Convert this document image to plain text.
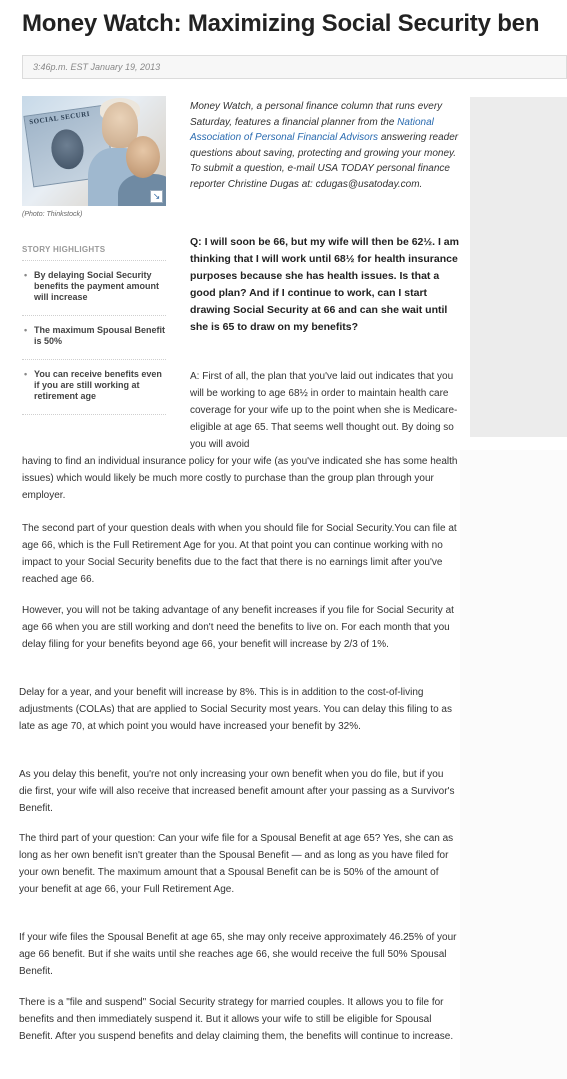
Money Watch: Maximizing Social Security ben
3:46p.m. EST January 19, 2013
SOCIAL SECURI
↘
(Photo: Thinkstock)
STORY HIGHLIGHTS
• By delaying Social Security benefits the payment amount will increase
• The maximum Spousal Benefit is 50%
• You can receive benefits even if you are still working at retirement age
Money Watch, a personal finance column that runs every Saturday, features a financial planner from the National Association of Personal Financial Advisors answering reader questions about saving, protecting and growing your money. To submit a question, e-mail USA TODAY personal finance reporter Christine Dugas at: cdugas@usatoday.com.
Q: I will soon be 66, but my wife will then be 62½. I am thinking that I will work until 68½ for health insurance purposes because she has health issues. Is that a good plan? And if I continue to work, can I start drawing Social Security at 66 and can she wait until she is 65 to draw on my benefits?
A: First of all, the plan that you've laid out indicates that you will be working to age 68½ in order to maintain health care coverage for your wife up to the point when she is Medicare-eligible at age 65. That seems well thought out. By doing so you will avoid
having to find an individual insurance policy for your wife (as you've indicated she has some health issues) which would likely be much more costly to purchase than the group plan through your employer.
The second part of your question deals with when you should file for Social Security.You can file at age 66, which is the Full Retirement Age for you. At that point you can continue working with no impact to your Social Security benefits due to the fact that there is no earnings limit after you've reached age 66.
However, you will not be taking advantage of any benefit increases if you file for Social Security at age 66 when you are still working and don't need the benefits to live on. For each month that you delay filing for your benefits beyond age 66, your benefit will increase by 2/3 of 1%.
Delay for a year, and your benefit will increase by 8%. This is in addition to the cost-of-living adjustments (COLAs) that are applied to Social Security most years. You can delay this filing to as late as age 70, at which point you would have increased your benefit by 32%.
As you delay this benefit, you're not only increasing your own benefit when you do file, but if you die first, your wife will also receive that increased benefit amount after your passing as a Survivor's Benefit.
The third part of your question: Can your wife file for a Spousal Benefit at age 65? Yes, she can as long as her own benefit isn't greater than the Spousal Benefit — and as long as you have filed for your own benefit. The maximum amount that a Spousal Benefit can be is 50% of the amount of your benefit at age 66, your Full Retirement Age.
If your wife files the Spousal Benefit at age 65, she may only receive approximately 46.25% of your age 66 benefit. But if she waits until she reaches age 66, she would receive the full 50% Spousal Benefit.
There is a "file and suspend" Social Security strategy for married couples. It allows you to file for benefits and then immediately suspend it. But it allows your wife to still be eligible for Spousal Benefit. After you suspend benefits and delay claiming them, the benefits will continue to increase.
